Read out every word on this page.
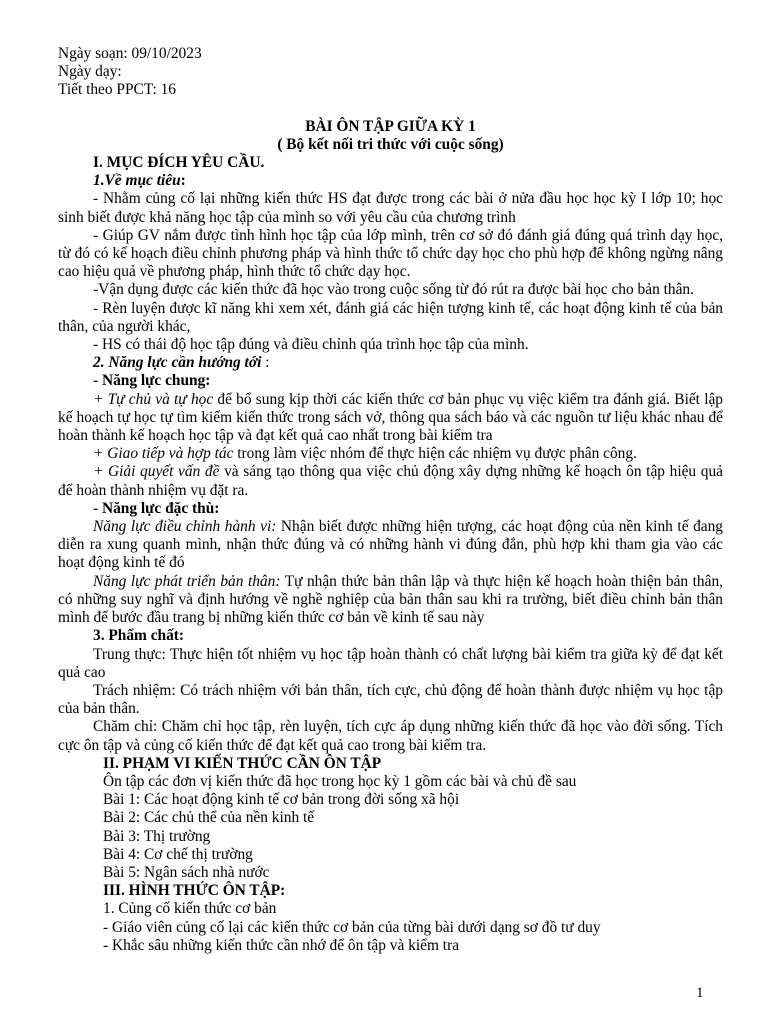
Ngày soạn: 09/10/2023

Ngày dạy:

Tiết theo PPCT: 16

BÀI ÔN TẬP GIỮA KỲ 1

( Bộ kết nối tri thức với cuộc sống)

I. MỤC ĐÍCH YÊU CẦU.

1.Về mục tiêu:

- Nhằm củng cố lại những kiến thức HS đạt được trong các bài ở nửa đầu học học kỳ I lớp 10; học sinh biết được khả năng học tập của mình so với yêu cầu của chương trình

- Giúp GV nắm được tình hình học tập của lớp mình, trên cơ sở đó đánh giá đúng quá trình dạy học, từ đó có kế hoạch điều chỉnh phương pháp và hình thức tổ chức dạy học cho phù hợp để không ngừng nâng cao hiệu quả về phương pháp, hình thức tổ chức dạy học.

-Vận dụng được các kiến thức đã học vào trong cuộc sống từ đó rút ra được bài học cho bản thân.

- Rèn luyện được kĩ năng khi xem xét, đánh giá các hiện tượng kinh tế, các hoạt động kinh tế của bản thân, của người khác,

- HS có thái độ học tập đúng và điều chỉnh qúa trình học tập của mình.

2. Năng lực cần hướng tới :

- Năng lực chung:

+ Tự chủ và tự học để bổ sung kịp thời các kiến thức cơ bản phục vụ việc kiểm tra đánh giá. Biết lập kế hoạch tự học tự tìm kiếm kiến thức trong sách vở, thông qua sách báo và các nguồn tư liệu khác nhau để hoàn thành kế hoạch học tập và đạt kết quả cao nhất trong bài kiểm tra

+ Giao tiếp và hợp tác trong làm việc nhóm để thực hiện các nhiệm vụ được phân công.

+ Giải quyết vấn đề và sáng tạo thông qua việc chủ động xây dựng những kế hoạch ôn tập hiệu quả để hoàn thành nhiệm vụ đặt ra.

- Năng lực đặc thù:

Năng lực điều chỉnh hành vi: Nhận biết được những hiện tượng, các hoạt động của nền kinh tế đang diễn ra xung quanh mình, nhận thức đúng và có những hành vi đúng đắn, phù hợp khi tham gia vào các hoạt động kinh tế đó

Năng lực phát triển bản thân: Tự nhận thức bản thân lập và thực hiện kế hoạch hoàn thiện bản thân, có những suy nghĩ và định hướng về nghề nghiệp của bản thân sau khi ra trường, biết điều chỉnh bản thân mình để bước đầu trang bị những kiến thức cơ bản về kinh tế sau này

3. Phẩm chất:

Trung thực: Thực hiện tốt nhiệm vụ học tập hoàn thành có chất lượng bài kiểm tra giữa kỳ để đạt kết quả cao

Trách nhiệm: Có trách nhiệm với bản thân, tích cực, chủ động để hoàn thành được nhiệm vụ học tập của bản thân.

Chăm chỉ: Chăm chỉ học tập, rèn luyện, tích cực áp dụng những kiến thức đã học vào đời sống. Tích cực ôn tập và củng cố kiến thức để đạt kết quả cao trong bài kiểm tra.

II. PHẠM VI KIẾN THỨC CẦN ÔN TẬP

Ôn tập các đơn vị kiến thức đã học trong học kỳ 1 gồm các bài và chủ đề sau

Bài 1: Các hoạt động kinh tế cơ bản trong đời sống xã hội

Bài 2: Các chủ thể của nền kinh tế

Bài 3: Thị trường

Bài 4: Cơ chế thị trường

Bài 5: Ngân sách nhà nước

III. HÌNH THỨC ÔN TẬP:

1. Củng cố kiến thức cơ bản

- Giáo viên củng cố lại các kiến thức cơ bản của từng bài dưới dạng sơ đồ tư duy

- Khắc sâu những kiến thức cần nhớ để ôn tập và kiểm tra

1
